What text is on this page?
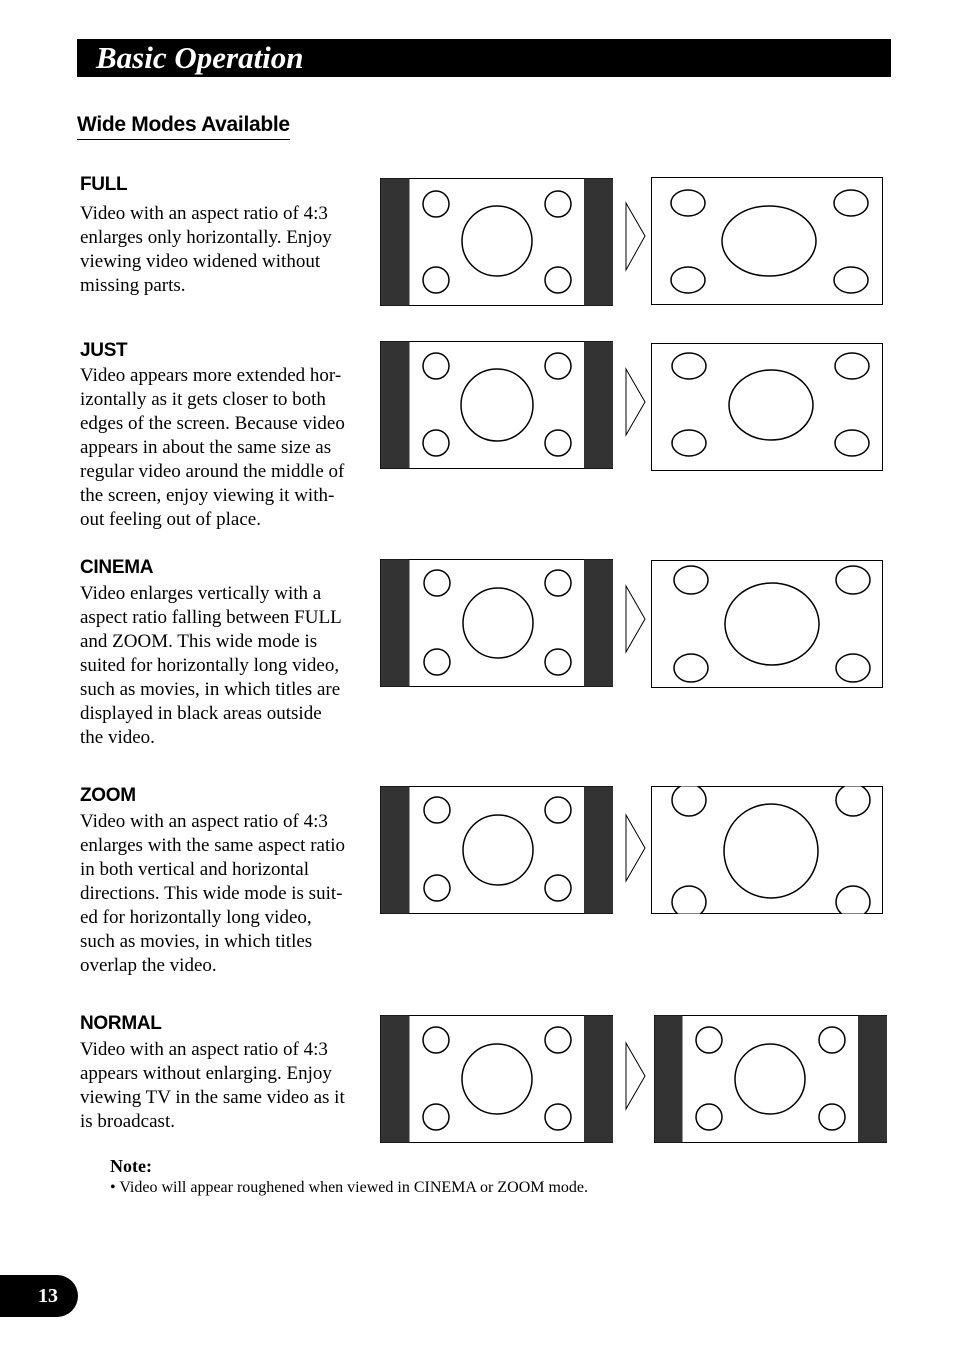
Basic Operation
Wide Modes Available
FULL
Video with an aspect ratio of 4:3
enlarges only horizontally. Enjoy
viewing video widened without
missing parts.
JUST
Video appears more extended hor-
izontally as it gets closer to both
edges of the screen. Because video
appears in about the same size as
regular video around the middle of
the screen, enjoy viewing it with-
out feeling out of place.
CINEMA
Video enlarges vertically with a
aspect ratio falling between FULL
and ZOOM. This wide mode is
suited for horizontally long video,
such as movies, in which titles are
displayed in black areas outside
the video.
ZOOM
Video with an aspect ratio of 4:3
enlarges with the same aspect ratio
in both vertical and horizontal
directions. This wide mode is suit-
ed for horizontally long video,
such as movies, in which titles
overlap the video.
NORMAL
Video with an aspect ratio of 4:3
appears without enlarging. Enjoy
viewing TV in the same video as it
is broadcast.
Note:
• Video will appear roughened when viewed in CINEMA or ZOOM mode.
13
